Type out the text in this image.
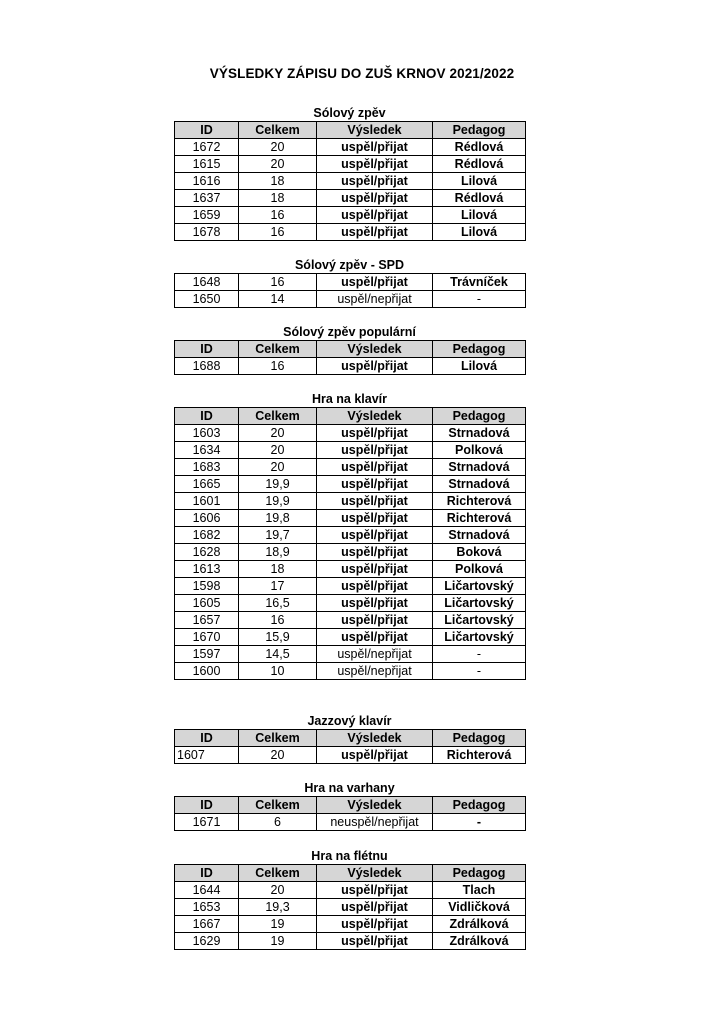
VÝSLEDKY ZÁPISU DO ZUŠ KRNOV 2021/2022
Sólový zpěv
ID	Celkem	Výsledek	Pedagog
1672	20	uspěl/přijat	Rédlová
1615	20	uspěl/přijat	Rédlová
1616	18	uspěl/přijat	Lilová
1637	18	uspěl/přijat	Rédlová
1659	16	uspěl/přijat	Lilová
1678	16	uspěl/přijat	Lilová
Sólový zpěv - SPD
1648	16	uspěl/přijat	Trávníček
1650	14	uspěl/nepřijat	-
Sólový zpěv populární
ID	Celkem	Výsledek	Pedagog
1688	16	uspěl/přijat	Lilová
Hra na klavír
ID	Celkem	Výsledek	Pedagog
1603	20	uspěl/přijat	Strnadová
1634	20	uspěl/přijat	Polková
1683	20	uspěl/přijat	Strnadová
1665	19,9	uspěl/přijat	Strnadová
1601	19,9	uspěl/přijat	Richterová
1606	19,8	uspěl/přijat	Richterová
1682	19,7	uspěl/přijat	Strnadová
1628	18,9	uspěl/přijat	Boková
1613	18	uspěl/přijat	Polková
1598	17	uspěl/přijat	Ličartovský
1605	16,5	uspěl/přijat	Ličartovský
1657	16	uspěl/přijat	Ličartovský
1670	15,9	uspěl/přijat	Ličartovský
1597	14,5	uspěl/nepřijat	-
1600	10	uspěl/nepřijat	-
Jazzový klavír
ID	Celkem	Výsledek	Pedagog
1607	20	uspěl/přijat	Richterová
Hra na varhany
ID	Celkem	Výsledek	Pedagog
1671	6	neuspěl/nepřijat	-
Hra na flétnu
ID	Celkem	Výsledek	Pedagog
1644	20	uspěl/přijat	Tlach
1653	19,3	uspěl/přijat	Vidličková
1667	19	uspěl/přijat	Zdrálková
1629	19	uspěl/přijat	Zdrálková
